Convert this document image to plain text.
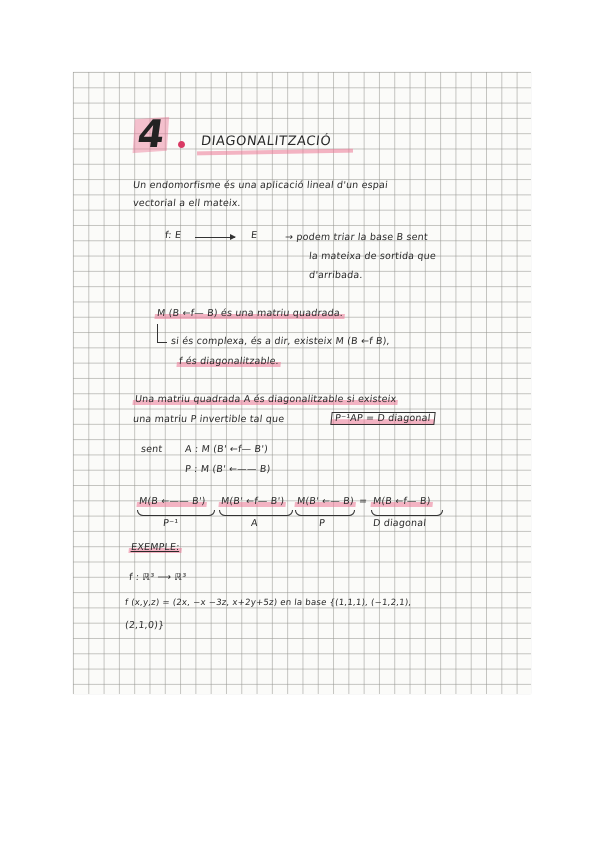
4	DIAGONALITZACIÓ

Un endomorfisme és una aplicació lineal d'un espai

vectorial a ell mateix.

f: E	E	→ podem triar la base B sent

la mateixa de sortida que

d'arribada.

M (B ←f— B) és una matriu quadrada.

si és complexa, és a dir, existeix M (B ←f B),

f és diagonalitzable.

Una matriu quadrada A és diagonalitzable si existeix

una matriu P invertible tal que	P⁻¹AP = D diagonal

sent A : M (B' ←f— B')

P : M (B' ←—— B)

M(B ←—— B') M(B' ←f— B') M(B' ←— B) = M(B ←f— B)

P⁻¹	A	P	D diagonal

EXEMPLE:

f : ℝ³ ⟶ ℝ³

f (x,y,z) = (2x, −x −3z, x+2y+5z) en la base {(1,1,1), (−1,2,1),

(2,1,0)}
